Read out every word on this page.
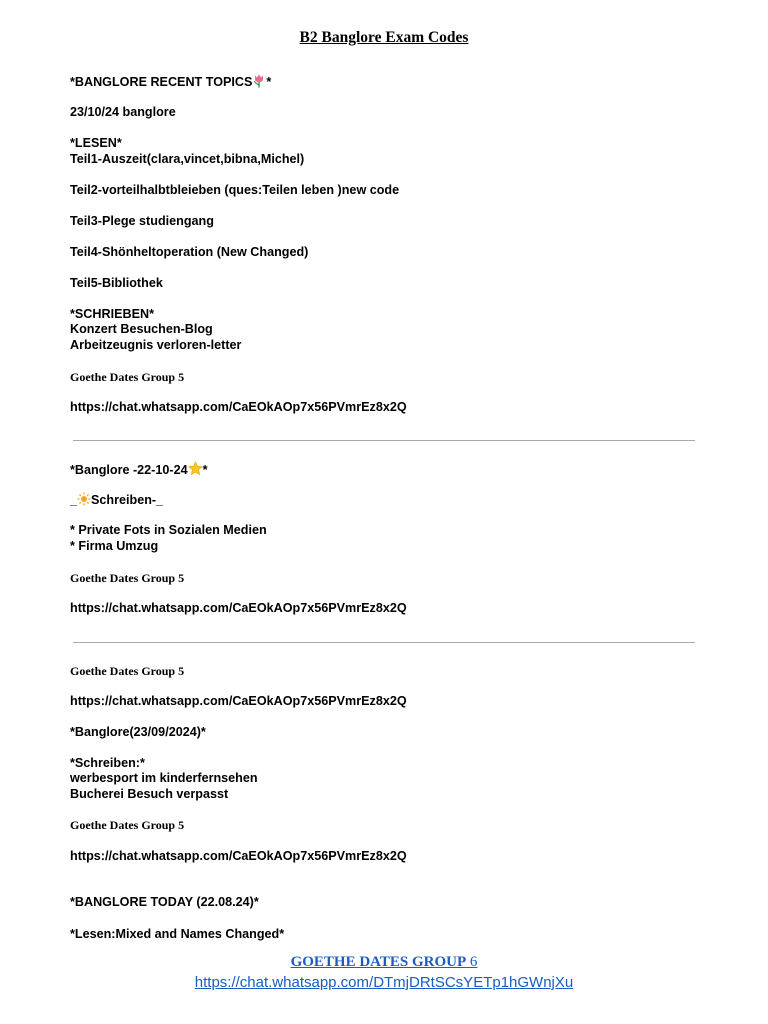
B2 Banglore Exam Codes
*BANGLORE RECENT TOPICS *
23/10/24 banglore
*LESEN*
Teil1-Auszeit(clara,vincet,bibna,Michel)
Teil2-vorteilhalbtbleieben (ques:Teilen leben )new code
Teil3-Plege studiengang
Teil4-Shönheltoperation (New Changed)
Teil5-Bibliothek
*SCHRIEBEN*
Konzert Besuchen-Blog
Arbeitzeugnis verloren-letter
Goethe Dates Group 5
https://chat.whatsapp.com/CaEOkAOp7x56PVmrEz8x2Q
*Banglore -22-10-24 *
_ Schreiben-_
* Private Fots in Sozialen Medien
* Firma Umzug
Goethe Dates Group 5
https://chat.whatsapp.com/CaEOkAOp7x56PVmrEz8x2Q
Goethe Dates Group 5
https://chat.whatsapp.com/CaEOkAOp7x56PVmrEz8x2Q
*Banglore(23/09/2024)*
*Schreiben:*
werbesport im kinderfernsehen
Bucherei Besuch verpasst
Goethe Dates Group 5
https://chat.whatsapp.com/CaEOkAOp7x56PVmrEz8x2Q
*BANGLORE TODAY (22.08.24)*
*Lesen:Mixed and Names Changed*
GOETHE DATES GROUP 6
https://chat.whatsapp.com/DTmjDRtSCsYETp1hGWnjXu
